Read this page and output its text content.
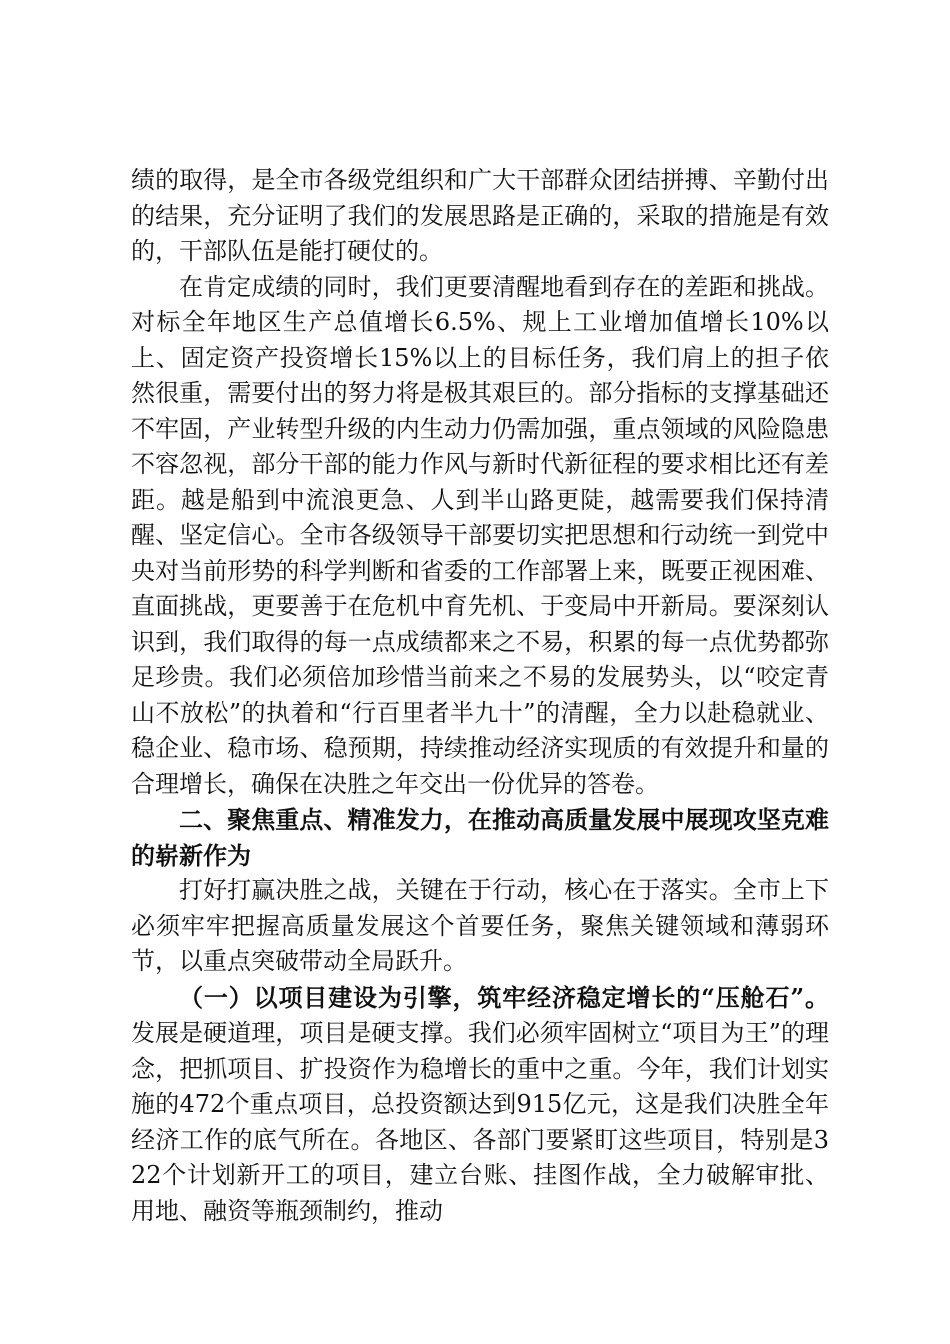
绩的取得，是全市各级党组织和广大干部群众团结拼搏、辛勤付出的结果，充分证明了我们的发展思路是正确的，采取的措施是有效的，干部队伍是能打硬仗的。

在肯定成绩的同时，我们更要清醒地看到存在的差距和挑战。对标全年地区生产总值增长6.5%、规上工业增加值增长10%以上、固定资产投资增长15%以上的目标任务，我们肩上的担子依然很重，需要付出的努力将是极其艰巨的。部分指标的支撑基础还不牢固，产业转型升级的内生动力仍需加强，重点领域的风险隐患不容忽视，部分干部的能力作风与新时代新征程的要求相比还有差距。越是船到中流浪更急、人到半山路更陡，越需要我们保持清醒、坚定信心。全市各级领导干部要切实把思想和行动统一到党中央对当前形势的科学判断和省委的工作部署上来，既要正视困难、直面挑战，更要善于在危机中育先机、于变局中开新局。要深刻认识到，我们取得的每一点成绩都来之不易，积累的每一点优势都弥足珍贵。我们必须倍加珍惜当前来之不易的发展势头，以“咬定青山不放松”的执着和“行百里者半九十”的清醒，全力以赴稳就业、稳企业、稳市场、稳预期，持续推动经济实现质的有效提升和量的合理增长，确保在决胜之年交出一份优异的答卷。

二、聚焦重点、精准发力，在推动高质量发展中展现攻坚克难的崭新作为

打好打赢决胜之战，关键在于行动，核心在于落实。全市上下必须牢牢把握高质量发展这个首要任务，聚焦关键领域和薄弱环节，以重点突破带动全局跃升。

（一）以项目建设为引擎，筑牢经济稳定增长的“压舱石”。发展是硬道理，项目是硬支撑。我们必须牢固树立“项目为王”的理念，把抓项目、扩投资作为稳增长的重中之重。今年，我们计划实施的472个重点项目，总投资额达到915亿元，这是我们决胜全年经济工作的底气所在。各地区、各部门要紧盯这些项目，特别是322个计划新开工的项目，建立台账、挂图作战，全力破解审批、用地、融资等瓶颈制约，推动
